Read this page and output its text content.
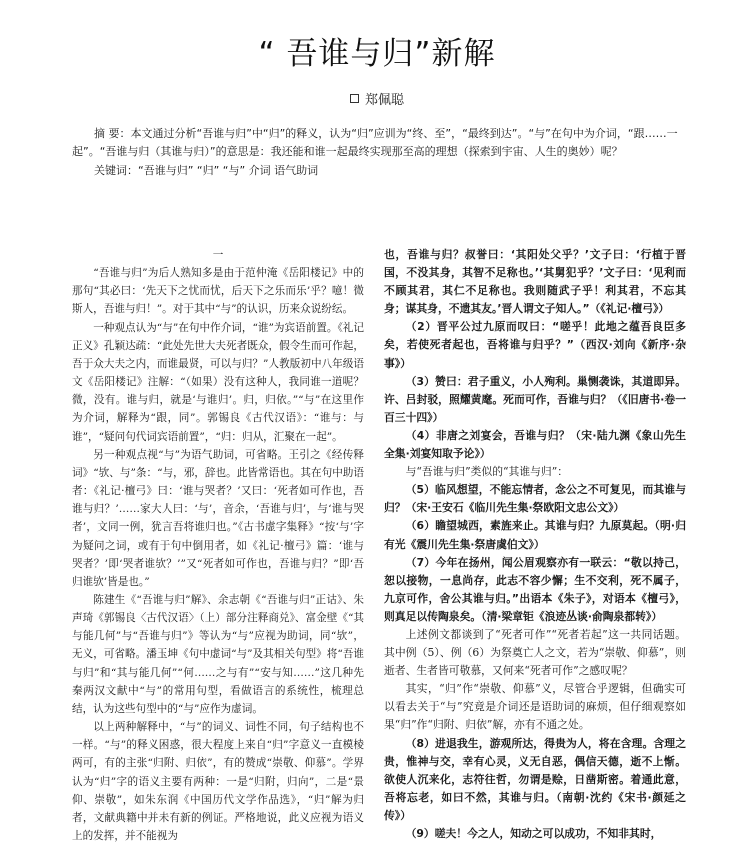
“ 吾谁与归”新解
郑佩聪

摘 要：本文通过分析“吾谁与归”中“归”的释义，认为“归”应训为“终、至”，“最终到达”。“与”在句中为介词，“跟……一起”。“吾谁与归（其谁与归）”的意思是：我还能和谁一起最终实现那至高的理想（探索到宇宙、人生的奥妙）呢？

关键词：“吾谁与归” “归” “与” 介词 语气助词

一

“吾谁与归”为后人熟知多是由于范仲淹《岳阳楼记》中的那句“其必曰：‘先天下之忧而忧，后天下之乐而乐’乎？噫！微斯人，吾谁与归！”。对于其中“与”的认识，历来众说纷纭。

一种观点认为“与”在句中作介词，“谁”为宾语前置。《礼记正义》孔颖达疏：“此处先世大夫死者既众，假令生而可作起，吾于众大夫之内，而谁最贤，可以与归？”人教版初中八年级语文《岳阳楼记》注解：“（如果）没有这种人，我同谁一道呢？微，没有。谁与归，就是‘与谁归’。归，归依。”“与”在这里作为介词，解释为“跟，同”。郭锡良《古代汉语》：“谁与：与谁”，“疑问句代词宾语前置”，“归：归从，汇聚在一起”。

另一种观点视“与”为语气助词，可省略。王引之《经传释词》“欤、与”条：“与，邪，辞也。此皆常语也。其在句中助语者：《礼记·檀弓》曰：‘谁与哭者？’又曰：‘死者如可作也，吾谁与归？’……家大人曰：‘与’，音余，‘吾谁与归’，与‘谁与哭者’，文同一例，犹言吾将谁归也。”《古书虚字集释》“按‘与’字为疑问之词，或有于句中倒用者，如《礼记·檀弓》篇：‘谁与哭者？’即‘哭者谁欤？’”又“死者如可作也，吾谁与归？”即‘吾归谁欤’皆是也。”

陈建生《“吾谁与归”解》、余志朝《“吾谁与归”正诂》、朱声琦《郭锡良〈古代汉语〉（上）部分注释商兑》、富金壁《“其与能几何”与“吾谁与归”》等认为“与”应视为助词，同“欤”，无义，可省略。潘玉坤《句中虚词“与”及其相关句型》将“吾谁与归”和“其与能几何”“何……之与有”“安与知……”这几种先秦两汉文献中“与”的常用句型，看做语言的系统性，梳理总结，认为这些句型中的“与”应作为虚词。

以上两种解释中，“与”的词义、词性不同，句子结构也不一样。“与”的释义困惑，很大程度上来自“归”字意义一直模棱两可，有的主张“归附、归依”，有的赞成“崇敬、仰慕”。学界认为“归”字的语义主要有两种：一是“归附，归向”，二是“景仰、崇敬”，如朱东润《中国历代文学作品选》，“归”解为归者，文献典籍中并未有新的例证。严格地说，此义应视为语义上的发挥，并不能视为

也，吾谁与归？叔誉曰：‘其阳处父乎？’文子曰：‘行植于晋国，不没其身，其智不足称也。’‘其舅犯乎？’文子曰：‘见利而不顾其君，其仁不足称也。我则随武子乎！利其君，不忘其身；谋其身，不遗其友。’晋人谓文子知人。”（《礼记·檀弓》）

（2）晋平公过九原而叹曰：“嗟乎！此地之蕴吾良臣多矣，若使死者起也，吾将谁与归乎？”（西汉·刘向《新序·杂事》）

（3）赞曰：君子重义，小人殉利。巢恻袭诛，其道即异。许、吕封驳，照耀黄麾。死而可作，吾谁与归？（《旧唐书·卷一百三十四》）

（4）非唐之刘宴会，吾谁与归？（宋·陆九渊《象山先生全集·刘宴知取予论》）

与“吾谁与归”类似的“其谁与归”：

（5）临风想望，不能忘情者，念公之不可复见，而其谁与归？（宋·王安石《临川先生集·祭欧阳文忠公文》）

（6）瞻望城西，素旌来止。其谁与归？九原莫起。（明·归有光《震川先生集·祭唐虞伯文》）

（7）今年在扬州，闻公眉观察亦有一联云：“敬以持己，恕以接物，一息尚存，此志不容少懈；生不交利，死不属子，九京可作，舍公其谁与归。”出语本《朱子》，对语本《檀弓》，则真足以传陶泉矣。（清·梁章钜《浪迹丛谈·俞陶泉都转》）

上述例文都谈到了“死者可作”“死者若起”这一共同话题。其中例（5）、例（6）为祭奠亡人之文，若为“崇敬、仰慕”，则逝者、生者皆可敬慕，又何来“死者可作”之感叹呢？

其实，“归”作“崇敬、仰慕”义，尽管合乎逻辑，但确实可以看去关于“与”究竟是介词还是语助词的麻烦，但仔细观察如果“归”作“归附、归依”解，亦有不通之处。

（8）进退我生，游观所达，得贵为人，将在含理。含理之贵，惟神与交，幸有心灵，义无自恶，偶信天德，逝不上惭。欲使人沉来化，志符往哲，勿谓是赊，日凿斯密。着通此意，吾将忘老，如曰不然，其谁与归。（南朝·沈约《宋书·颜延之传》）

（9）嗟夫！今之人，知动之可以成功，不知非其时，
